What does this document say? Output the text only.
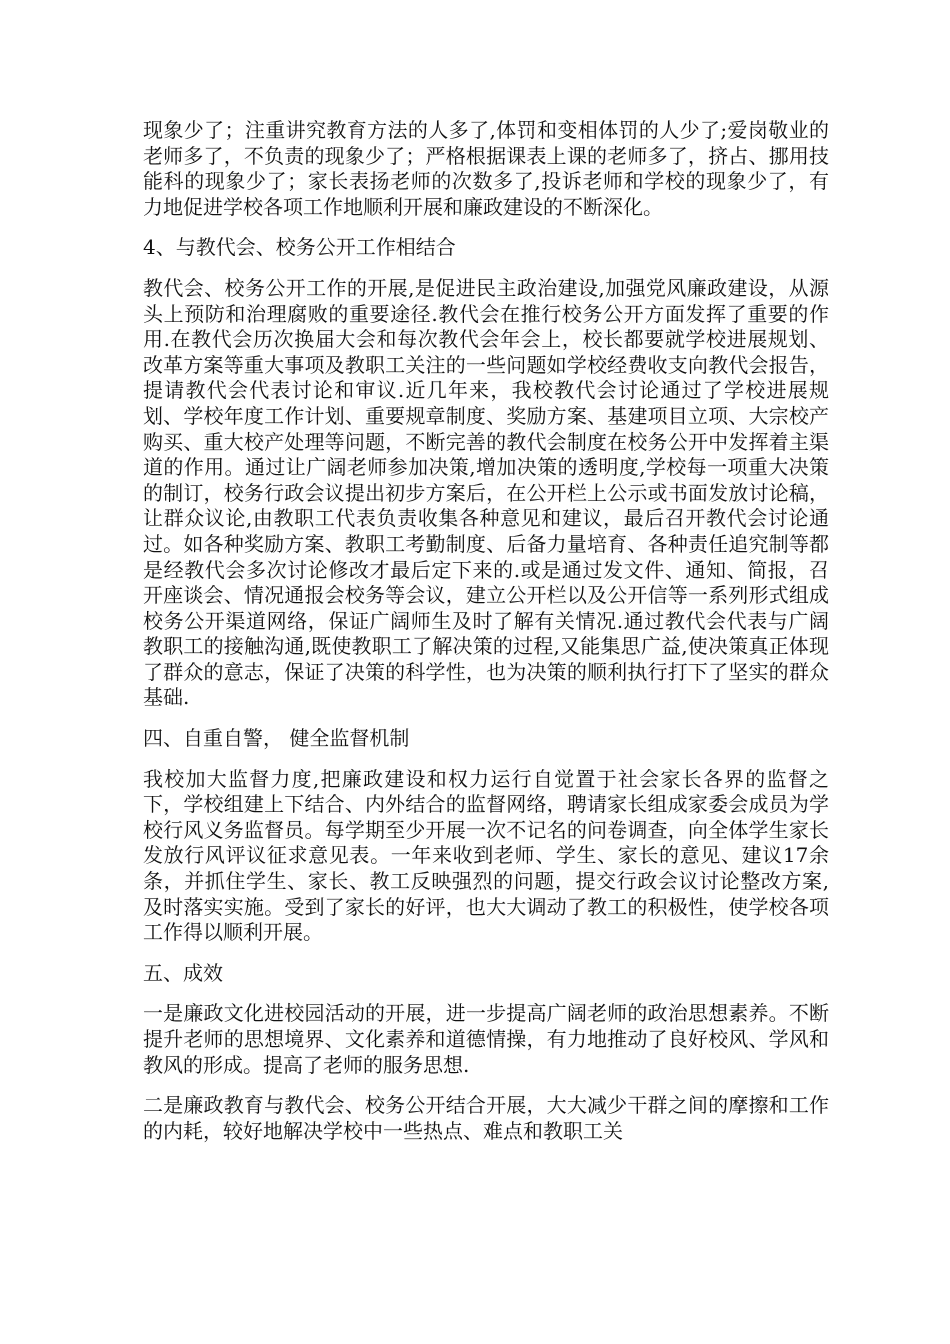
现象少了；注重讲究教育方法的人多了,体罚和变相体罚的人少了;爱岗敬业的老师多了，不负责的现象少了；严格根据课表上课的老师多了，挤占、挪用技能科的现象少了；家长表扬老师的次数多了,投诉老师和学校的现象少了，有力地促进学校各项工作地顺利开展和廉政建设的不断深化。

4、与教代会、校务公开工作相结合

教代会、校务公开工作的开展,是促进民主政治建设,加强党风廉政建设，从源头上预防和治理腐败的重要途径.教代会在推行校务公开方面发挥了重要的作用.在教代会历次换届大会和每次教代会年会上，校长都要就学校进展规划、改革方案等重大事项及教职工关注的一些问题如学校经费收支向教代会报告，提请教代会代表讨论和审议.近几年来，我校教代会讨论通过了学校进展规划、学校年度工作计划、重要规章制度、奖励方案、基建项目立项、大宗校产购买、重大校产处理等问题，不断完善的教代会制度在校务公开中发挥着主渠道的作用。通过让广阔老师参加决策,增加决策的透明度,学校每一项重大决策的制订，校务行政会议提出初步方案后，在公开栏上公示或书面发放讨论稿，让群众议论,由教职工代表负责收集各种意见和建议，最后召开教代会讨论通过。如各种奖励方案、教职工考勤制度、后备力量培育、各种责任追究制等都是经教代会多次讨论修改才最后定下来的.或是通过发文件、通知、简报，召开座谈会、情况通报会校务等会议，建立公开栏以及公开信等一系列形式组成校务公开渠道网络，保证广阔师生及时了解有关情况.通过教代会代表与广阔教职工的接触沟通,既使教职工了解决策的过程,又能集思广益,使决策真正体现了群众的意志，保证了决策的科学性，也为决策的顺利执行打下了坚实的群众基础.

四、自重自警， 健全监督机制

我校加大监督力度,把廉政建设和权力运行自觉置于社会家长各界的监督之下，学校组建上下结合、内外结合的监督网络，聘请家长组成家委会成员为学校行风义务监督员。每学期至少开展一次不记名的问卷调查，向全体学生家长发放行风评议征求意见表。一年来收到老师、学生、家长的意见、建议17余条，并抓住学生、家长、教工反映强烈的问题，提交行政会议讨论整改方案,及时落实实施。受到了家长的好评，也大大调动了教工的积极性，使学校各项工作得以顺利开展。

五、成效

一是廉政文化进校园活动的开展，进一步提高广阔老师的政治思想素养。不断提升老师的思想境界、文化素养和道德情操，有力地推动了良好校风、学风和教风的形成。提高了老师的服务思想.

二是廉政教育与教代会、校务公开结合开展，大大减少干群之间的摩擦和工作的内耗，较好地解决学校中一些热点、难点和教职工关
